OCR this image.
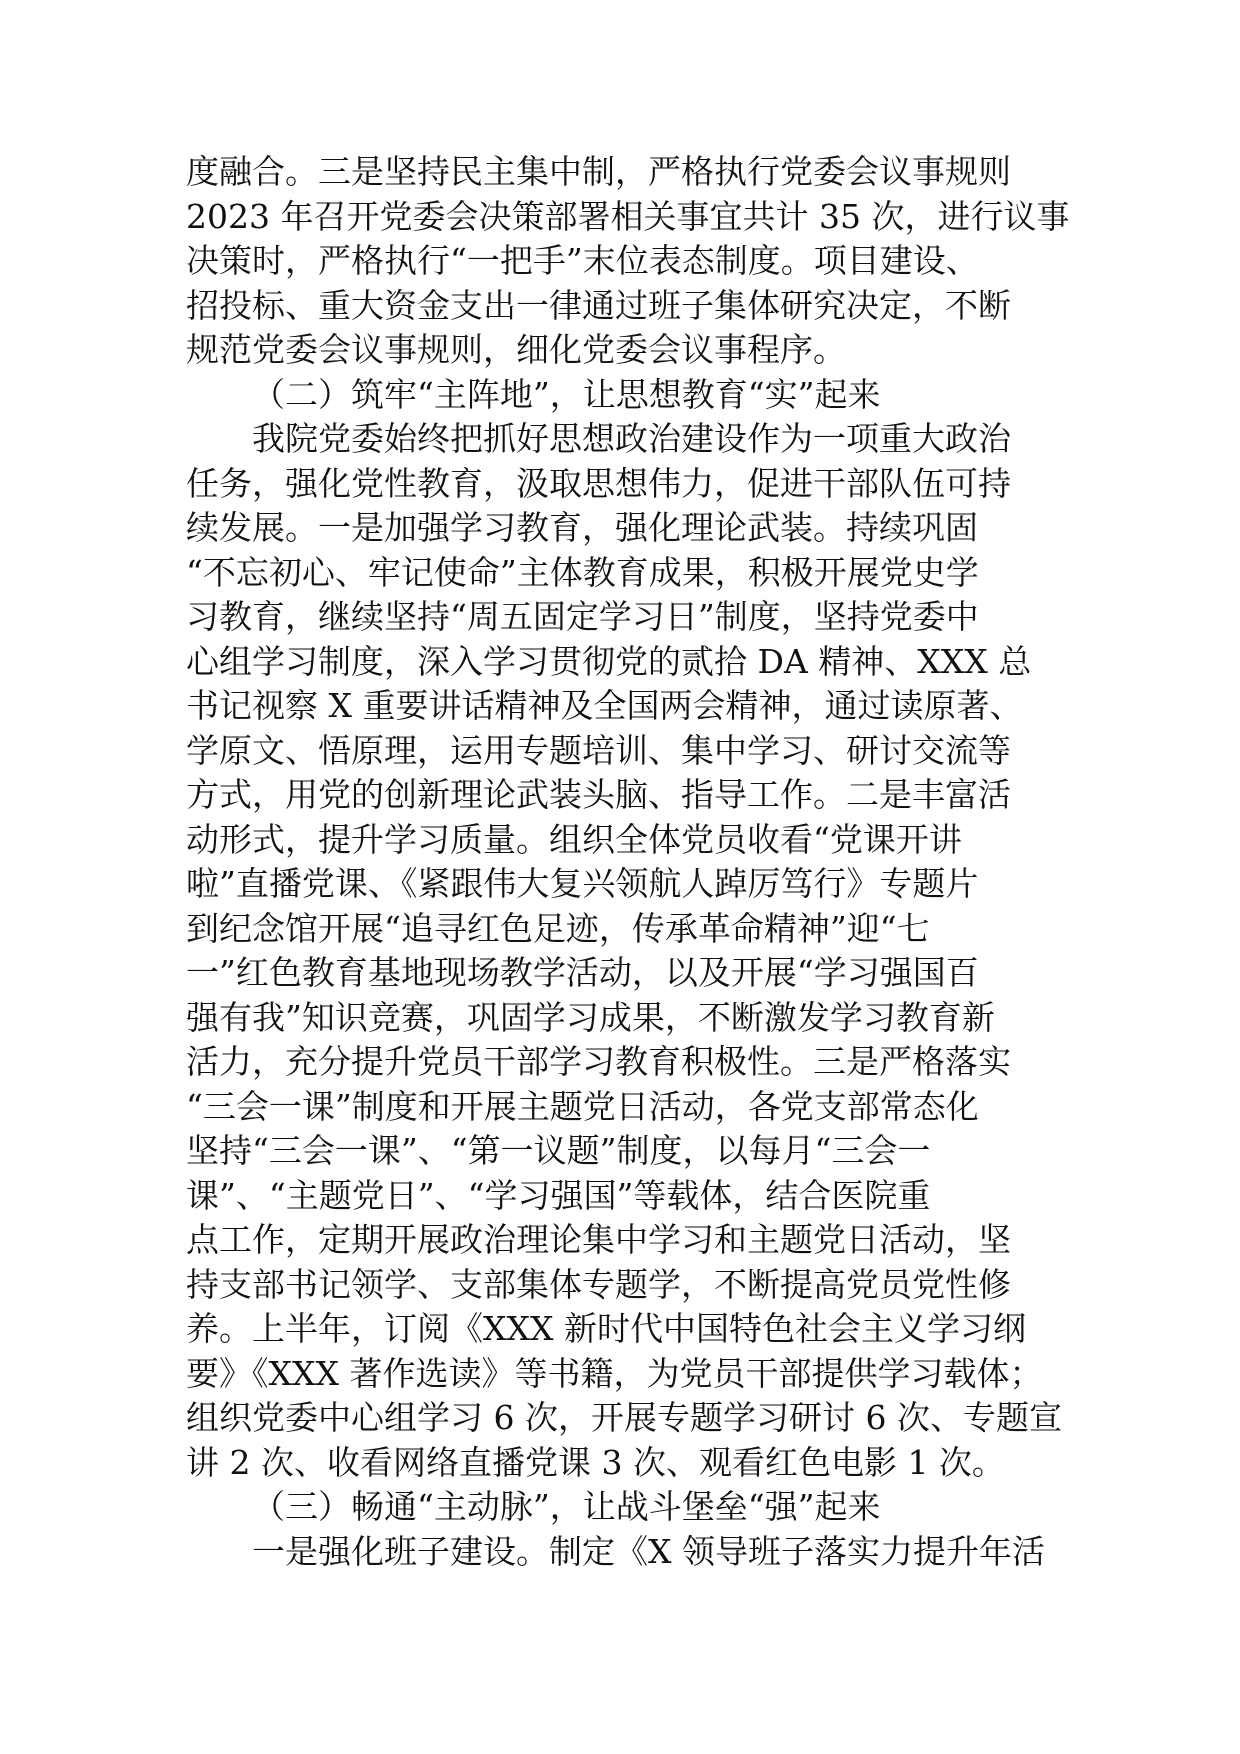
度融合。三是坚持民主集中制，严格执行党委会议事规则
2023 年召开党委会决策部署相关事宜共计 35 次，进行议事
决策时，严格执行“一把手”末位表态制度。项目建设、
招投标、重大资金支出一律通过班子集体研究决定，不断
规范党委会议事规则，细化党委会议事程序。
（二）筑牢“主阵地”，让思想教育“实”起来
我院党委始终把抓好思想政治建设作为一项重大政治
任务，强化党性教育，汲取思想伟力，促进干部队伍可持
续发展。一是加强学习教育，强化理论武装。持续巩固
“不忘初心、牢记使命”主体教育成果，积极开展党史学
习教育，继续坚持“周五固定学习日”制度，坚持党委中
心组学习制度，深入学习贯彻党的贰拾 DA 精神、XXX 总
书记视察 X 重要讲话精神及全国两会精神，通过读原著、
学原文、悟原理，运用专题培训、集中学习、研讨交流等
方式，用党的创新理论武装头脑、指导工作。二是丰富活
动形式，提升学习质量。组织全体党员收看“党课开讲
啦”直播党课、《紧跟伟大复兴领航人踔厉笃行》专题片
到纪念馆开展“追寻红色足迹，传承革命精神”迎“七
一”红色教育基地现场教学活动，以及开展“学习强国百
强有我”知识竞赛，巩固学习成果，不断激发学习教育新
活力，充分提升党员干部学习教育积极性。三是严格落实
“三会一课”制度和开展主题党日活动，各党支部常态化
坚持“三会一课”、“第一议题”制度，以每月“三会一
课”、“主题党日”、“学习强国”等载体，结合医院重
点工作，定期开展政治理论集中学习和主题党日活动，坚
持支部书记领学、支部集体专题学，不断提高党员党性修
养。上半年，订阅《XXX 新时代中国特色社会主义学习纲
要》《XXX 著作选读》等书籍，为党员干部提供学习载体；
组织党委中心组学习 6 次，开展专题学习研讨 6 次、专题宣
讲 2 次、收看网络直播党课 3 次、观看红色电影 1 次。
（三）畅通“主动脉”，让战斗堡垒“强”起来
一是强化班子建设。制定《X 领导班子落实力提升年活
